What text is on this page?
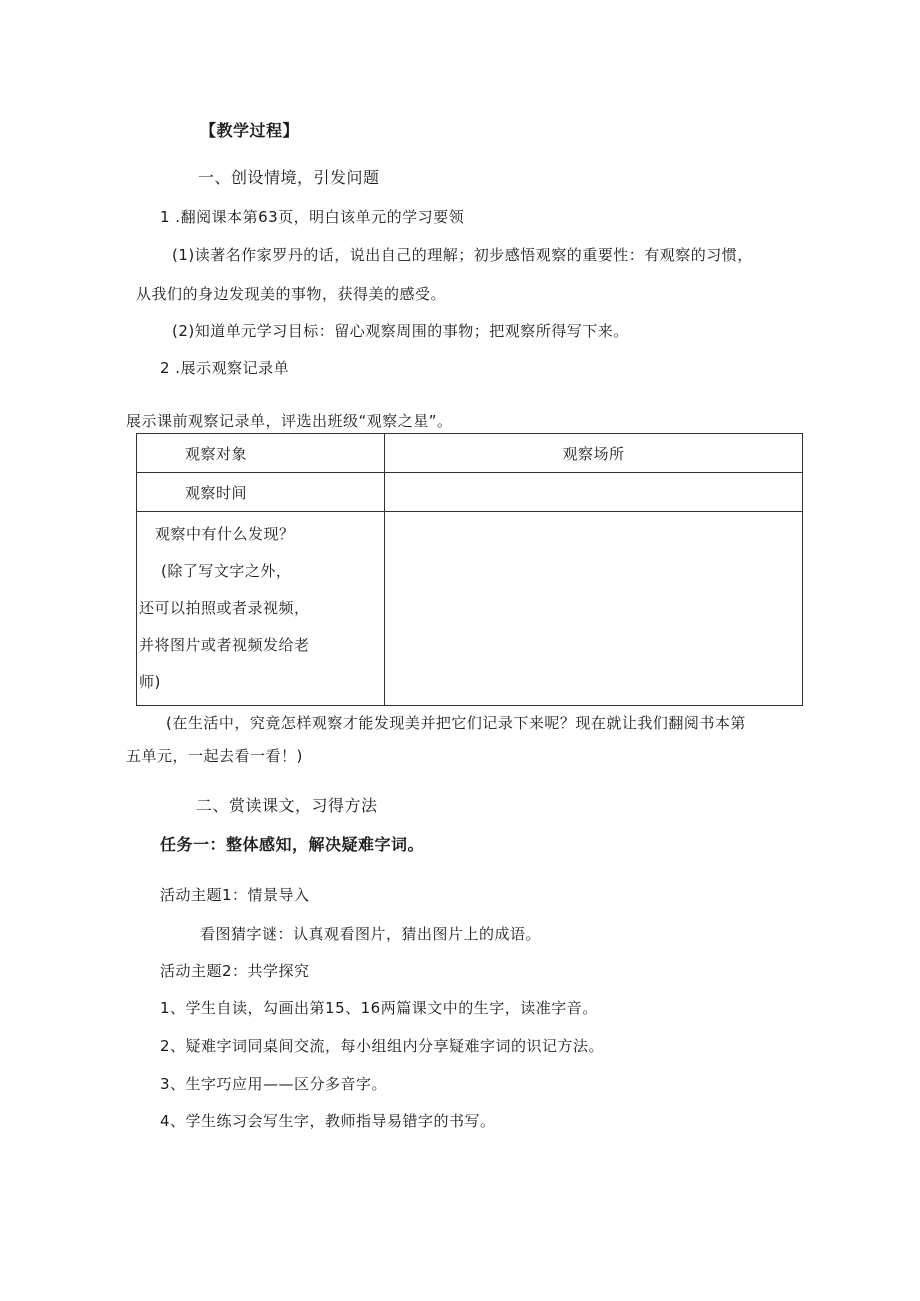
【教学过程】
一、创设情境，引发问题
1 .翻阅课本第63页，明白该单元的学习要领
(1)读著名作家罗丹的话，说出自己的理解；初步感悟观察的重要性：有观察的习惯，
从我们的身边发现美的事物，获得美的感受。
(2)知道单元学习目标：留心观察周围的事物；把观察所得写下来。
2 .展示观察记录单
展示课前观察记录单，评选出班级“观察之星”。
观察对象	观察场所
观察时间	

观察中有什么发现？
(除了写文字之外，
还可以拍照或者录视频，
并将图片或者视频发给老
师)	

(在生活中，究竟怎样观察才能发现美并把它们记录下来呢？现在就让我们翻阅书本第
五单元，一起去看一看！)
二、赏读课文，习得方法
任务一：整体感知，解决疑难字词。
活动主题1：情景导入
看图猜字谜：认真观看图片，猜出图片上的成语。
活动主题2：共学探究
1、学生自读，勾画出第15、16两篇课文中的生字，读准字音。
2、疑难字词同桌间交流，每小组组内分享疑难字词的识记方法。
3、生字巧应用——区分多音字。
4、学生练习会写生字，教师指导易错字的书写。
